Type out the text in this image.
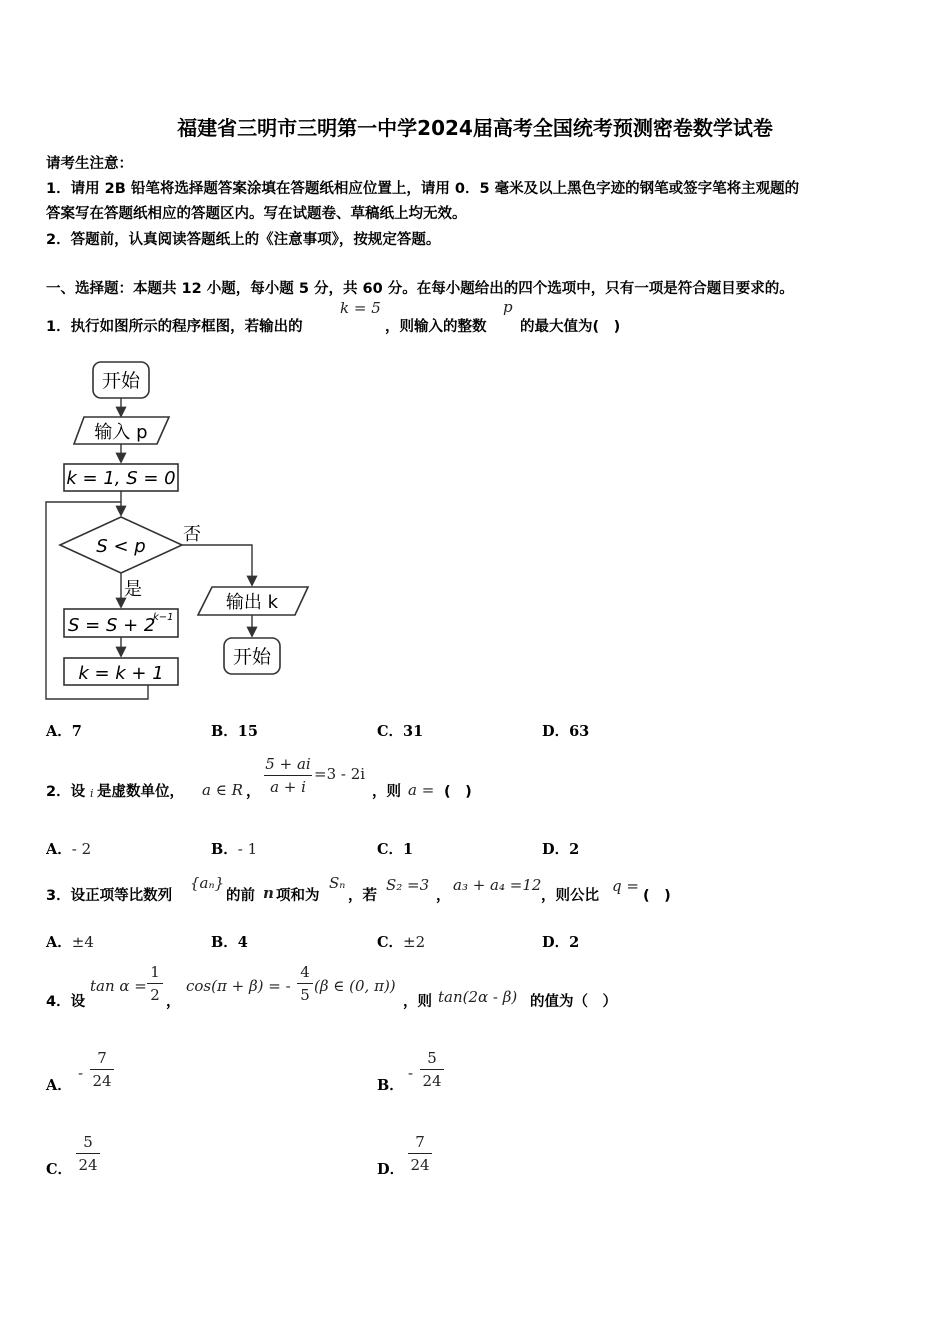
福建省三明市三明第一中学2024届高考全国统考预测密卷数学试卷
请考生注意：
1．请用 2B 铅笔将选择题答案涂填在答题纸相应位置上，请用 0．5 毫米及以上黑色字迹的钢笔或签字笔将主观题的
答案写在答题纸相应的答题区内。写在试题卷、草稿纸上均无效。
2．答题前，认真阅读答题纸上的《注意事项》，按规定答题。
一、选择题：本题共 12 小题，每小题 5 分，共 60 分。在每小题给出的四个选项中，只有一项是符合题目要求的。
1．执行如图所示的程序框图，若输出的
k = 5
，则输入的整数
p
的最大值为(　)
开始
输入 p
k = 1, S = 0
S < p
否
输出 k
开始
是
S = S + 2
k−1
k = k + 1
A．7	B．15	C．31	D．63
2．设 i 是虚数单位， a ∈ R ，
5 + ai
a + i
=3 - 2i
，则 a = (　)
A．- 2	B．- 1	C．1	D．2
3．设正项等比数列
{aₙ}
的前 n 项和为
Sₙ
，若
S₂ =3
，
a₃ + a₄ =12
，则公比
q =
(　)
A．±4	B．4	C．±2	D．2
4．设
tan α =
1
2 ，
cos(π + β) = -
4
5 (β ∈ (0, π))
，则 tan(2α - β) 的值为（　）
A．
-
7
24	B．
-
5
24
C．
5
24	D．
7
24
